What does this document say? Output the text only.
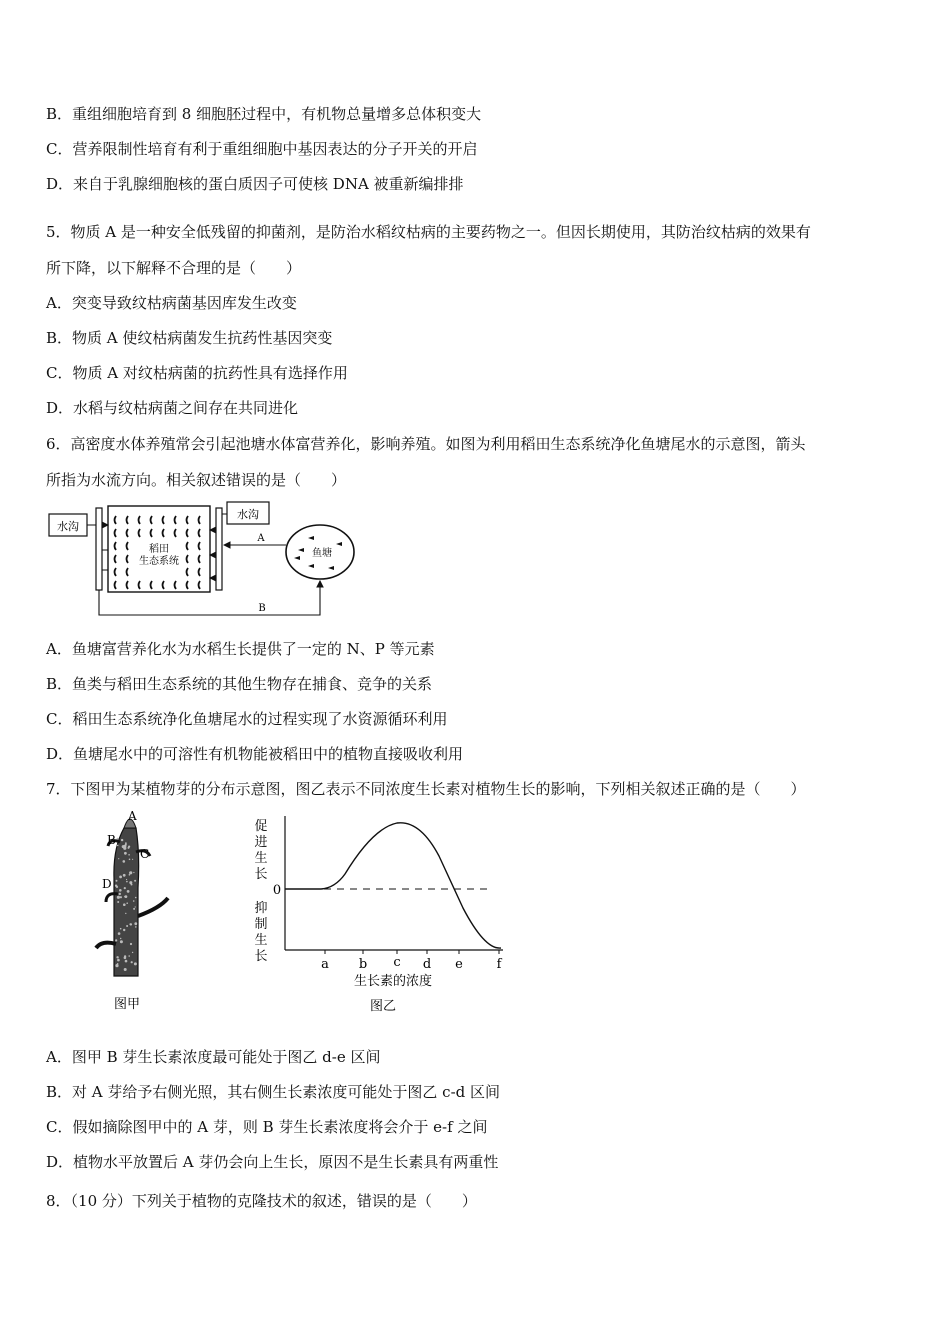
B．重组细胞培育到 8 细胞胚过程中，有机物总量增多总体积变大
C．营养限制性培育有利于重组细胞中基因表达的分子开关的开启
D．来自于乳腺细胞核的蛋白质因子可使核 DNA 被重新编排排
5．物质 A 是一种安全低残留的抑菌剂，是防治水稻纹枯病的主要药物之一。但因长期使用，其防治纹枯病的效果有
所下降，以下解释不合理的是（　　）
A．突变导致纹枯病菌基因库发生改变
B．物质 A 使纹枯病菌发生抗药性基因突变
C．物质 A 对纹枯病菌的抗药性具有选择作用
D．水稻与纹枯病菌之间存在共同进化
6．高密度水体养殖常会引起池塘水体富营养化，影响养殖。如图为利用稻田生态系统净化鱼塘尾水的示意图，箭头
所指为水流方向。相关叙述错误的是（　　）
水沟
稻田
生态系统
水沟
鱼塘
A
B
A．鱼塘富营养化水为水稻生长提供了一定的 N、P 等元素
B．鱼类与稻田生态系统的其他生物存在捕食、竞争的关系
C．稻田生态系统净化鱼塘尾水的过程实现了水资源循环利用
D．鱼塘尾水中的可溶性有机物能被稻田中的植物直接吸收利用
7．下图甲为某植物芽的分布示意图，图乙表示不同浓度生长素对植物生长的影响，下列相关叙述正确的是（　　）
A
B
C
D
图甲
促
进
生
长
0
抑
制
生
长
a b c d e	f
生长素的浓度
图乙
A．图甲 B 芽生长素浓度最可能处于图乙 d-e 区间
B．对 A 芽给予右侧光照，其右侧生长素浓度可能处于图乙 c-d 区间
C．假如摘除图甲中的 A 芽，则 B 芽生长素浓度将会介于 e-f 之间
D．植物水平放置后 A 芽仍会向上生长，原因不是生长素具有两重性
8．（10 分）下列关于植物的克隆技术的叙述，错误的是（　　）
